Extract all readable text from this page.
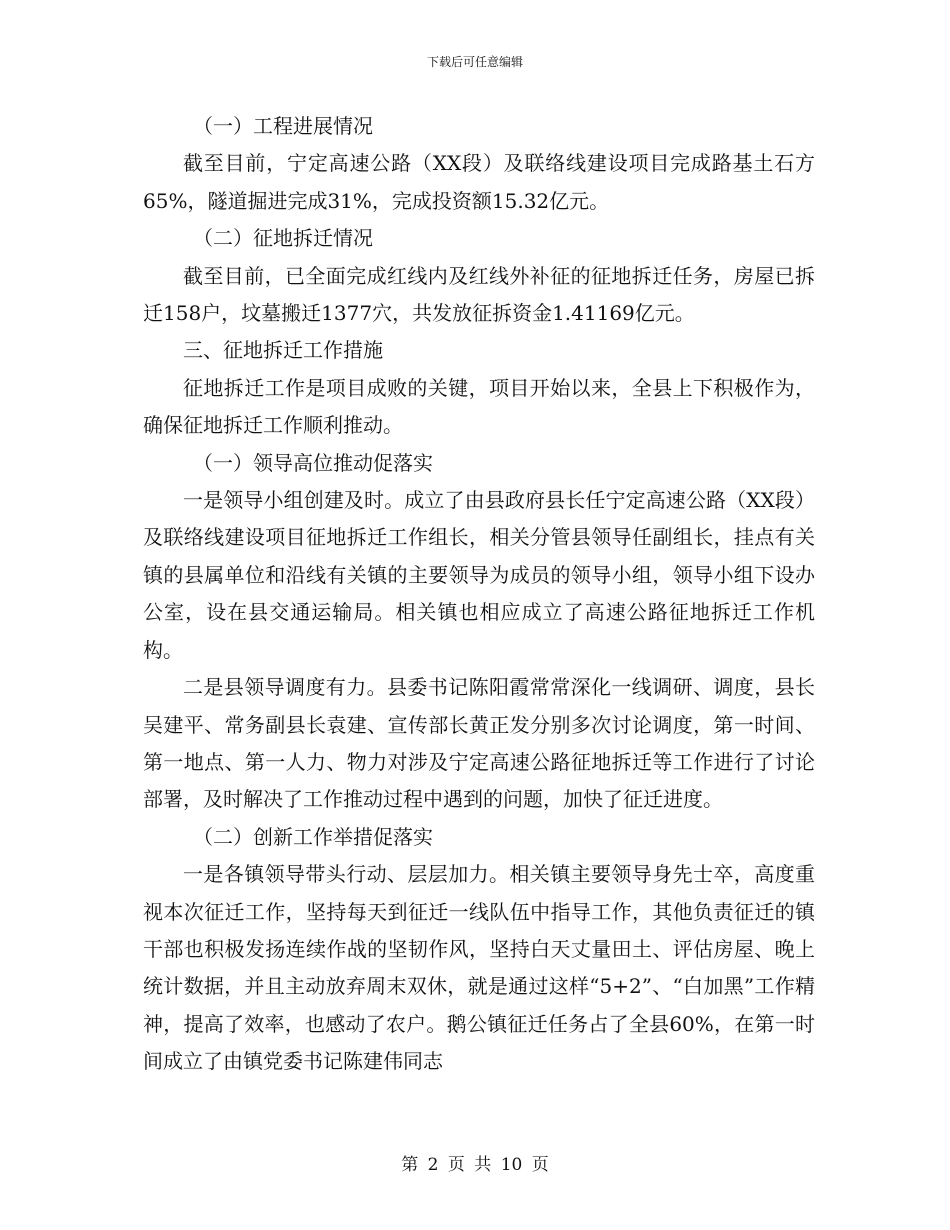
下载后可任意编辑

（一）工程进展情况

截至目前，宁定高速公路（XX段）及联络线建设项目完成路基土石方65%，隧道掘进完成31%，完成投资额15.32亿元。

（二）征地拆迁情况

截至目前，已全面完成红线内及红线外补征的征地拆迁任务，房屋已拆迁158户，坟墓搬迁1377穴，共发放征拆资金1.41169亿元。

三、征地拆迁工作措施

征地拆迁工作是项目成败的关键，项目开始以来，全县上下积极作为，确保征地拆迁工作顺利推动。

（一）领导高位推动促落实

一是领导小组创建及时。成立了由县政府县长任宁定高速公路（XX段）及联络线建设项目征地拆迁工作组长，相关分管县领导任副组长，挂点有关镇的县属单位和沿线有关镇的主要领导为成员的领导小组，领导小组下设办公室，设在县交通运输局。相关镇也相应成立了高速公路征地拆迁工作机构。

二是县领导调度有力。县委书记陈阳霞常常深化一线调研、调度，县长吴建平、常务副县长袁建、宣传部长黄正发分别多次讨论调度，第一时间、第一地点、第一人力、物力对涉及宁定高速公路征地拆迁等工作进行了讨论部署，及时解决了工作推动过程中遇到的问题，加快了征迁进度。

（二）创新工作举措促落实

一是各镇领导带头行动、层层加力。相关镇主要领导身先士卒，高度重视本次征迁工作，坚持每天到征迁一线队伍中指导工作，其他负责征迁的镇干部也积极发扬连续作战的坚韧作风，坚持白天丈量田土、评估房屋、晚上统计数据，并且主动放弃周末双休，就是通过这样“5+2”、“白加黑”工作精神，提高了效率，也感动了农户。鹅公镇征迁任务占了全县60%，在第一时间成立了由镇党委书记陈建伟同志

第 2 页 共 10 页
